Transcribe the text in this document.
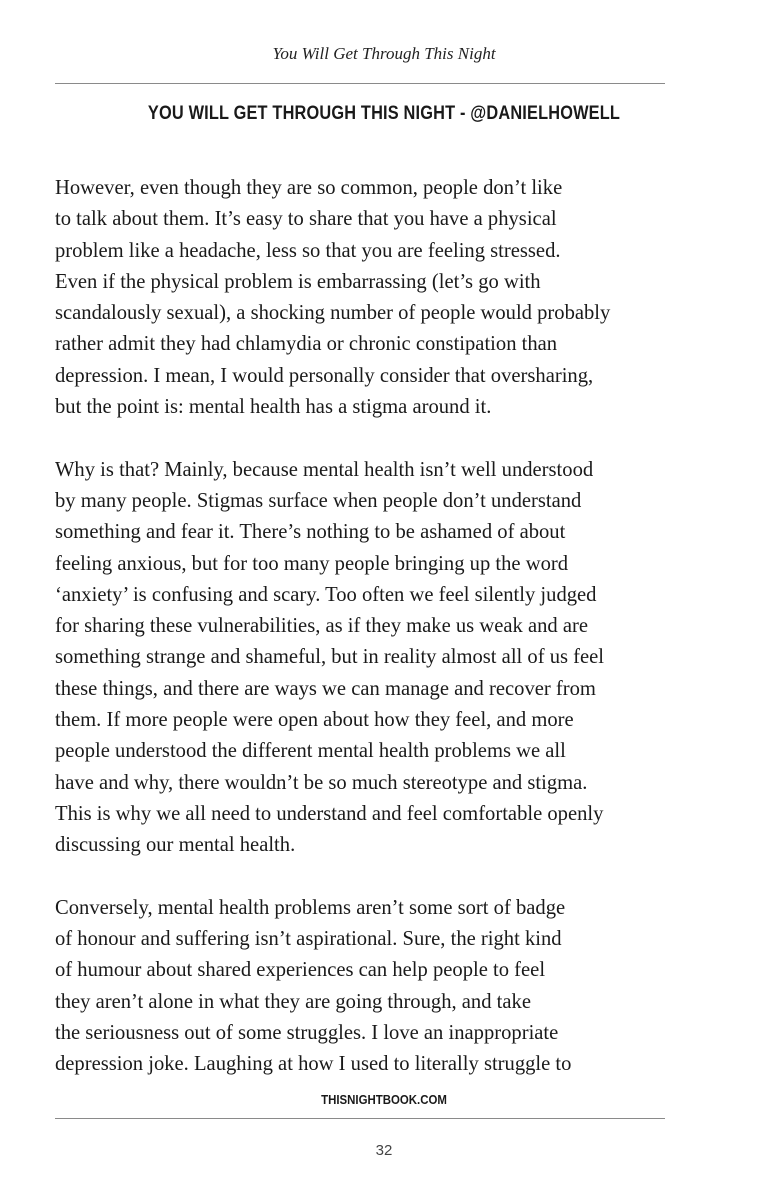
You Will Get Through This Night
YOU WILL GET THROUGH THIS NIGHT - @DANIELHOWELL

However, even though they are so common, people don’t like
to talk about them. It’s easy to share that you have a physical
problem like a headache, less so that you are feeling stressed.
Even if the physical problem is embarrassing (let’s go with
scandalously sexual), a shocking number of people would probably
rather admit they had chlamydia or chronic constipation than
depression. I mean, I would personally consider that oversharing,
but the point is: mental health has a stigma around it.

Why is that? Mainly, because mental health isn’t well understood
by many people. Stigmas surface when people don’t understand
something and fear it. There’s nothing to be ashamed of about
feeling anxious, but for too many people bringing up the word
‘anxiety’ is confusing and scary. Too often we feel silently judged
for sharing these vulnerabilities, as if they make us weak and are
something strange and shameful, but in reality almost all of us feel
these things, and there are ways we can manage and recover from
them. If more people were open about how they feel, and more
people understood the different mental health problems we all
have and why, there wouldn’t be so much stereotype and stigma.
This is why we all need to understand and feel comfortable openly
discussing our mental health.

Conversely, mental health problems aren’t some sort of badge
of honour and suffering isn’t aspirational. Sure, the right kind
of humour about shared experiences can help people to feel
they aren’t alone in what they are going through, and take
the seriousness out of some struggles. I love an inappropriate
depression joke. Laughing at how I used to literally struggle to

THISNIGHTBOOK.COM
32
